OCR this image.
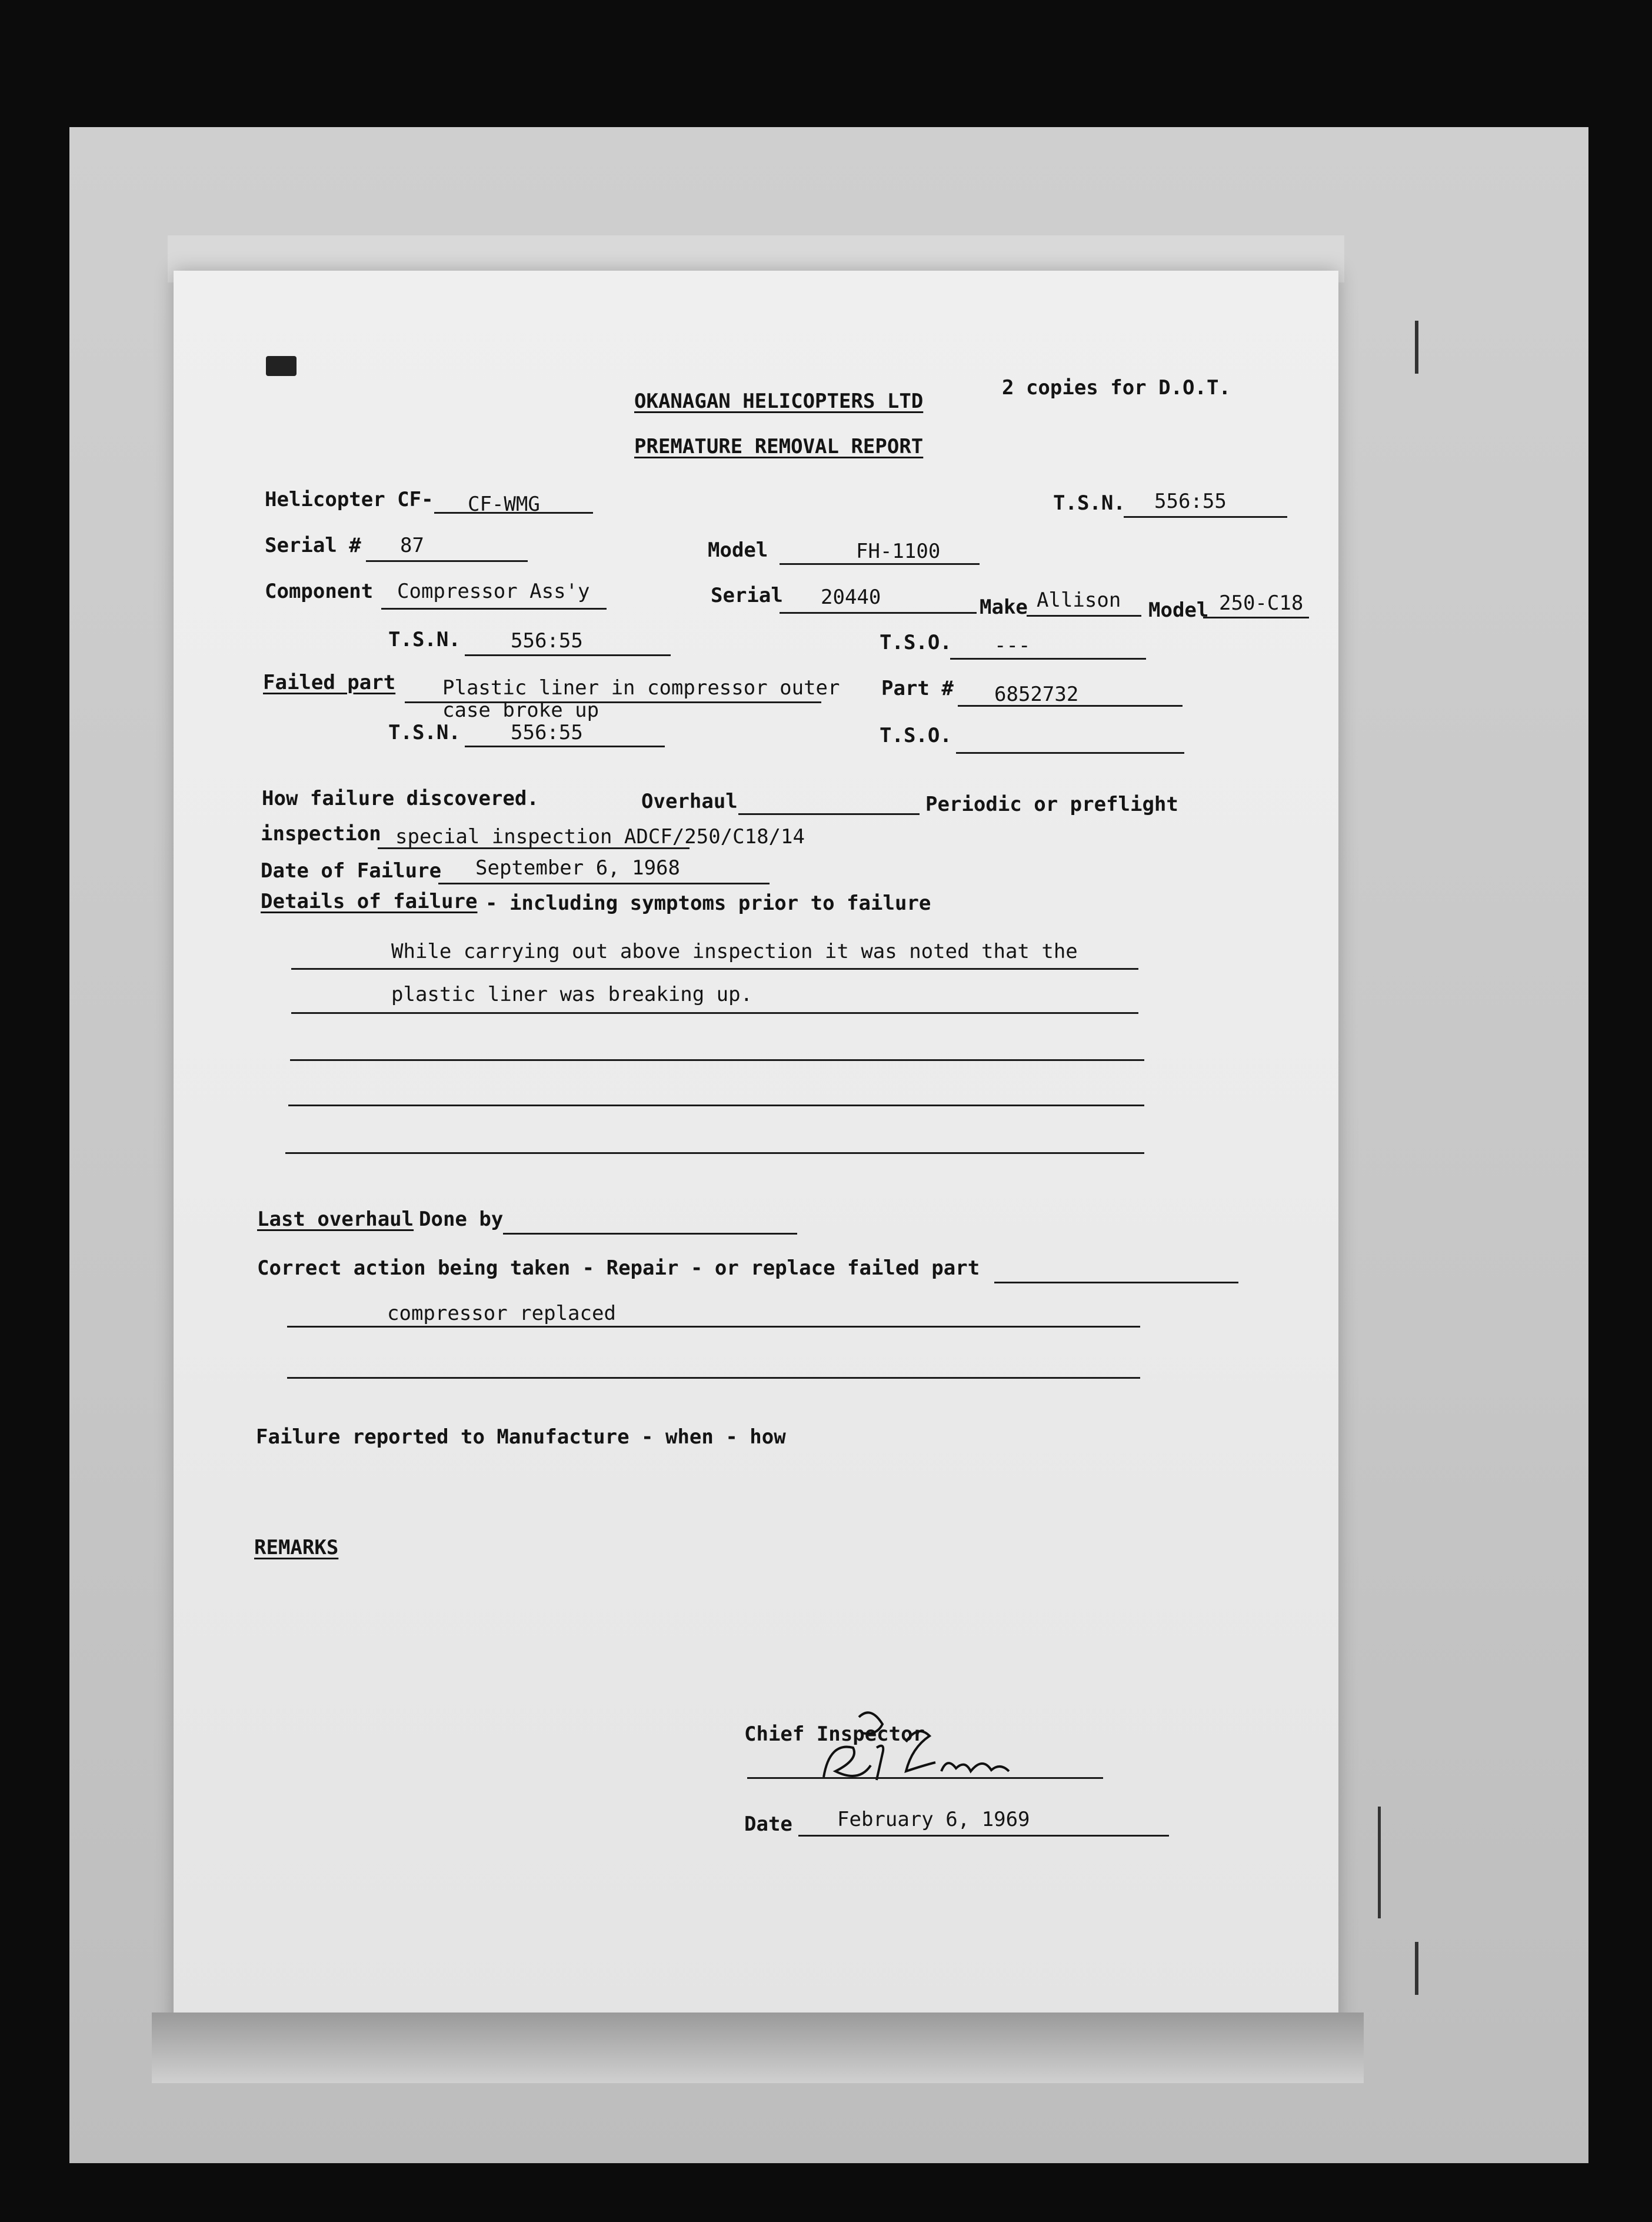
OKANAGAN HELICOPTERS LTD
2 copies for D.O.T.
PREMATURE REMOVAL REPORT
Helicopter CF- CF-WMG	T.S.N. 556:55
Serial # 87	Model	FH-1100
Component Compressor Ass'y	Serial 20440	Make Allison Model 250-C18
T.S.N.	556:55	T.S.O. ---
Failed part Plastic liner in compressor outer
case broke up
Part # 6852732
T.S.N.	556:55	T.S.O.
How failure discovered.	Overhaul	Periodic or preflight
inspection special inspection ADCF/250/C18/14
Date of Failure September 6, 1968
Details of failure - including symptoms prior to failure
While carrying out above inspection it was noted that the
plastic liner was breaking up.
Last overhaul Done by
Correct action being taken - Repair - or replace failed part
compressor replaced
Failure reported to Manufacture - when - how
REMARKS
Chief Inspector
Date February 6, 1969
